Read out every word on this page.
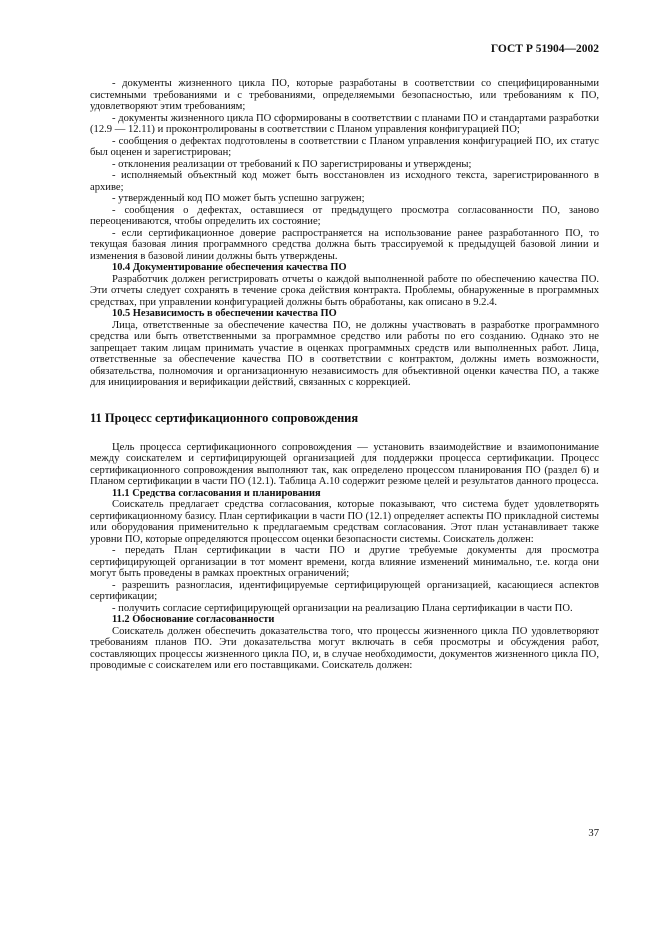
ГОСТ Р 51904—2002

- документы жизненного цикла ПО, которые разработаны в соответствии со специфицированными системными требованиями и с требованиями, определяемыми безопасностью, или требованиям к ПО, удовлетворяют этим требованиям;

- документы жизненного цикла ПО сформированы в соответствии с планами ПО и стандартами разработки (12.9 — 12.11) и проконтролированы в соответствии с Планом управления конфигурацией ПО;

- сообщения о дефектах подготовлены в соответствии с Планом управления конфигурацией ПО, их статус был оценен и зарегистрирован;

- отклонения реализации от требований к ПО зарегистрированы и утверждены;

- исполняемый объектный код может быть восстановлен из исходного текста, зарегистрированного в архиве;

- утвержденный код ПО может быть успешно загружен;

- сообщения о дефектах, оставшиеся от предыдущего просмотра согласованности ПО, заново переоцениваются, чтобы определить их состояние;

- если сертификационное доверие распространяется на использование ранее разработанного ПО, то текущая базовая линия программного средства должна быть трассируемой к предыдущей базовой линии и изменения в базовой линии должны быть утверждены.

10.4 Документирование обеспечения качества ПО

Разработчик должен регистрировать отчеты о каждой выполненной работе по обеспечению качества ПО. Эти отчеты следует сохранять в течение срока действия контракта. Проблемы, обнаруженные в программных средствах, при управлении конфигурацией должны быть обработаны, как описано в 9.2.4.

10.5 Независимость в обеспечении качества ПО

Лица, ответственные за обеспечение качества ПО, не должны участвовать в разработке программного средства или быть ответственными за программное средство или работы по его созданию. Однако это не запрещает таким лицам принимать участие в оценках программных средств или выполненных работ. Лица, ответственные за обеспечение качества ПО в соответствии с контрактом, должны иметь возможности, обязательства, полномочия и организационную независимость для объективной оценки качества ПО, а также для инициирования и верификации действий, связанных с коррекцией.

11 Процесс сертификационного сопровождения

Цель процесса сертификационного сопровождения — установить взаимодействие и взаимопонимание между соискателем и сертифицирующей организацией для поддержки процесса сертификации. Процесс сертификационного сопровождения выполняют так, как определено процессом планирования ПО (раздел 6) и Планом сертификации в части ПО (12.1). Таблица А.10 содержит резюме целей и результатов данного процесса.

11.1 Средства согласования и планирования

Соискатель предлагает средства согласования, которые показывают, что система будет удовлетворять сертификационному базису. План сертификации в части ПО (12.1) определяет аспекты ПО прикладной системы или оборудования применительно к предлагаемым средствам согласования. Этот план устанавливает также уровни ПО, которые определяются процессом оценки безопасности системы. Соискатель должен:

- передать План сертификации в части ПО и другие требуемые документы для просмотра сертифицирующей организации в тот момент времени, когда влияние изменений минимально, т.е. когда они могут быть проведены в рамках проектных ограничений;

- разрешить разногласия, идентифицируемые сертифицирующей организацией, касающиеся аспектов сертификации;

- получить согласие сертифицирующей организации на реализацию Плана сертификации в части ПО.

11.2 Обоснование согласованности

Соискатель должен обеспечить доказательства того, что процессы жизненного цикла ПО удовлетворяют требованиям планов ПО. Эти доказательства могут включать в себя просмотры и обсуждения работ, составляющих процессы жизненного цикла ПО, и, в случае необходимости, документов жизненного цикла ПО, проводимые с соискателем или его поставщиками. Соискатель должен:

37
